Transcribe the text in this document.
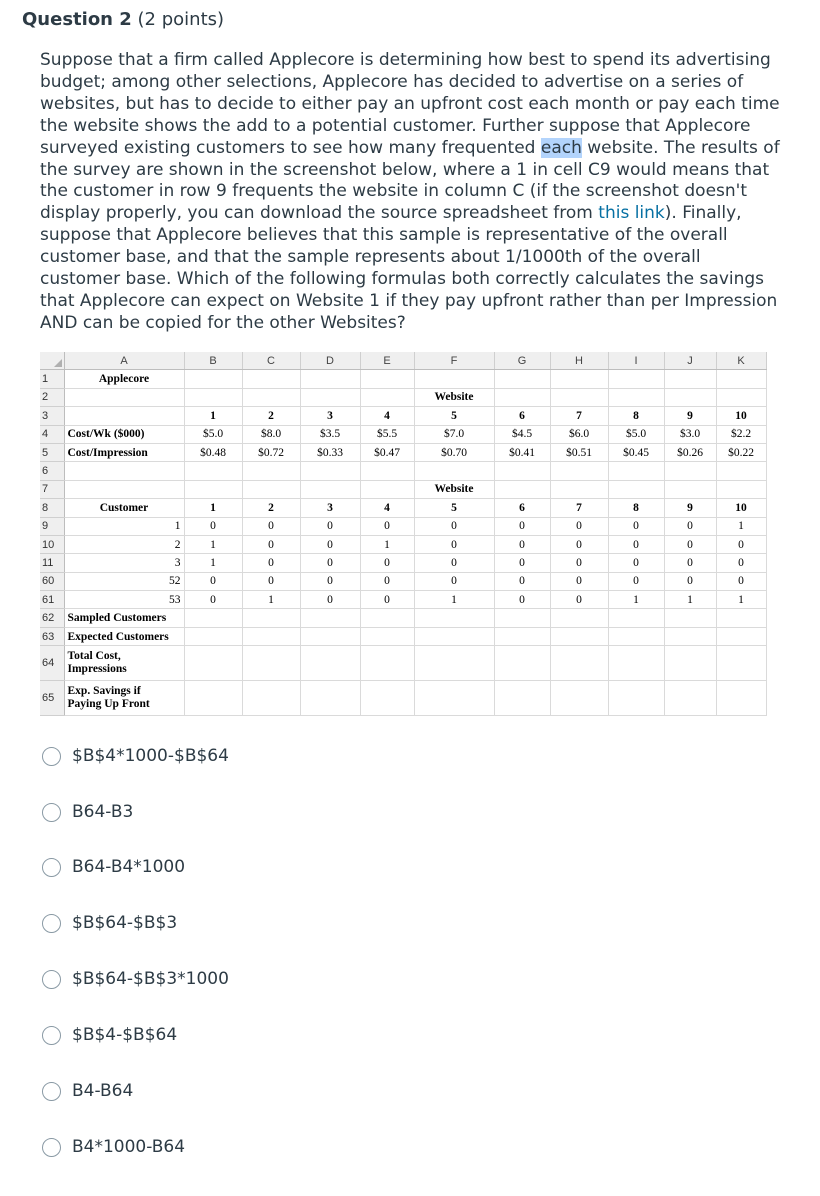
Question 2 (2 points)
Suppose that a firm called Applecore is determining how best to spend its advertising budget; among other selections, Applecore has decided to advertise on a series of websites, but has to decide to either pay an upfront cost each month or pay each time the website shows the add to a potential customer. Further suppose that Applecore surveyed existing customers to see how many frequented each website. The results of the survey are shown in the screenshot below, where a 1 in cell C9 would means that the customer in row 9 frequents the website in column C (if the screenshot doesn't display properly, you can download the source spreadsheet from this link). Finally, suppose that Applecore believes that this sample is representative of the overall customer base, and that the sample represents about 1/1000th of the overall customer base. Which of the following formulas both correctly calculates the savings that Applecore can expect on Website 1 if they pay upfront rather than per Impression AND can be copied for the other Websites?
	A	B	C	D	E	F	G	H	I	J	K
1	Applecore										
2						Website					
3		1	2	3	4	5	6	7	8	9	10
4	Cost/Wk ($000)	$5.0	$8.0	$3.5	$5.5	$7.0	$4.5	$6.0	$5.0	$3.0	$2.2
5	Cost/Impression	$0.48	$0.72	$0.33	$0.47	$0.70	$0.41	$0.51	$0.45	$0.26	$0.22
6											
7						Website					
8	Customer	1	2	3	4	5	6	7	8	9	10
9	1	0	0	0	0	0	0	0	0	0	1
10	2	1	0	0	1	0	0	0	0	0	0
11	3	1	0	0	0	0	0	0	0	0	0
60	52	0	0	0	0	0	0	0	0	0	0
61	53	0	1	0	0	1	0	0	1	1	1
62	Sampled Customers										
63	Expected Customers										
64	Total Cost,
Impressions										

65	Exp. Savings if
Paying Up Front										

$B$4*1000-$B$64
B64-B3
B64-B4*1000
$B$64-$B$3
$B$64-$B$3*1000
$B$4-$B$64
B4-B64
B4*1000-B64
